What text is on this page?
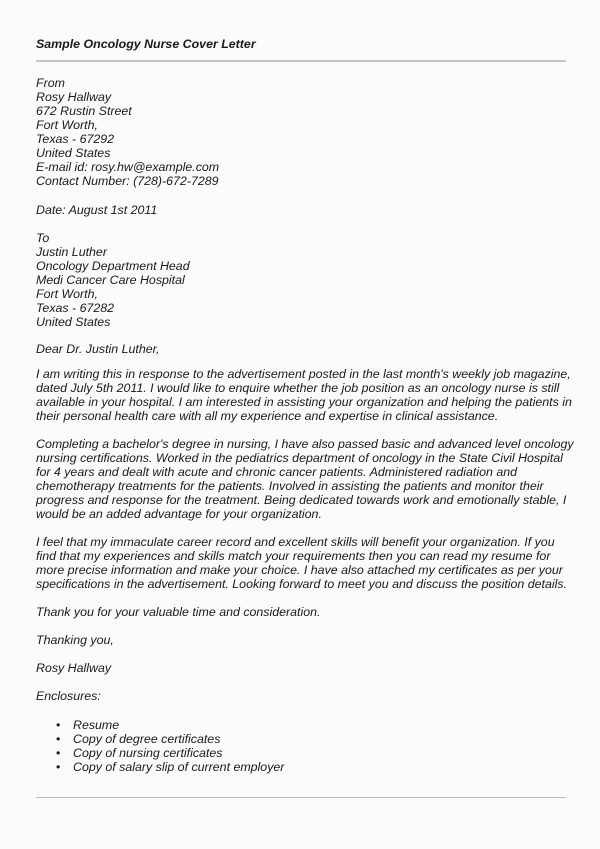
Sample Oncology Nurse Cover Letter
From
Rosy Hallway
672 Rustin Street
Fort Worth,
Texas - 67292
United States
E-mail id: rosy.hw@example.com
Contact Number: (728)-672-7289
Date: August 1st 2011
To
Justin Luther
Oncology Department Head
Medi Cancer Care Hospital
Fort Worth,
Texas - 67282
United States
Dear Dr. Justin Luther,
I am writing this in response to the advertisement posted in the last month's weekly job magazine,
dated July 5th 2011. I would like to enquire whether the job position as an oncology nurse is still
available in your hospital. I am interested in assisting your organization and helping the patients in
their personal health care with all my experience and expertise in clinical assistance.
Completing a bachelor's degree in nursing, I have also passed basic and advanced level oncology
nursing certifications. Worked in the pediatrics department of oncology in the State Civil Hospital
for 4 years and dealt with acute and chronic cancer patients. Administered radiation and
chemotherapy treatments for the patients. Involved in assisting the patients and monitor their
progress and response for the treatment. Being dedicated towards work and emotionally stable, I
would be an added advantage for your organization.
I feel that my immaculate career record and excellent skills will benefit your organization. If you
find that my experiences and skills match your requirements then you can read my resume for
more precise information and make your choice. I have also attached my certificates as per your
specifications in the advertisement. Looking forward to meet you and discuss the position details.
Thank you for your valuable time and consideration.
Thanking you,
Rosy Hallway
Enclosures:
• Resume
• Copy of degree certificates
• Copy of nursing certificates
• Copy of salary slip of current employer
